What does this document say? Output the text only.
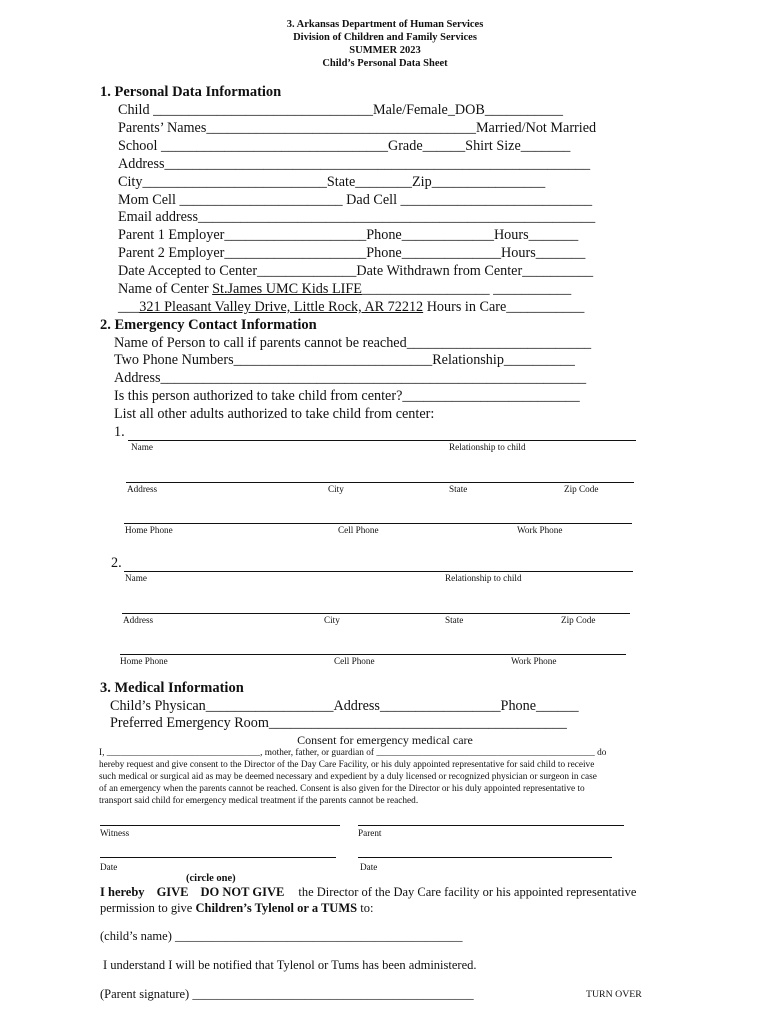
3. Arkansas Department of Human Services
Division of Children and Family Services
SUMMER 2023
Child’s Personal Data Sheet
1. Personal Data Information
Child _______________________________Male/Female_DOB___________
Parents’ Names______________________________________Married/Not Married
School ________________________________Grade______Shirt Size_______
Address____________________________________________________________
City__________________________State________Zip________________
Mom Cell _______________________ Dad Cell ___________________________
Email address________________________________________________________
Parent 1 Employer____________________Phone_____________Hours_______
Parent 2 Employer____________________Phone______________Hours_______
Date Accepted to Center______________Date Withdrawn from Center__________
Name of Center St.James UMC Kids LIFE__________________ ___________
___321 Pleasant Valley Drive, Little Rock, AR 72212 Hours in Care___________
2. Emergency Contact Information
Name of Person to call if parents cannot be reached__________________________
Two Phone Numbers____________________________Relationship__________
Address____________________________________________________________
Is this person authorized to take child from center?_________________________
List all other adults authorized to take child from center:
1.
Name	Relationship to child
Address	City	State	Zip Code
Home Phone	Cell Phone	Work Phone
2.
Name	Relationship to child
Address	City	State	Zip Code
Home Phone	Cell Phone	Work Phone
3. Medical Information
Child’s Physican__________________Address_________________Phone______
Preferred Emergency Room__________________________________________
Consent for emergency medical care
I, _________________________________, mother, father, or guardian of _______________________________________________ do
hereby request and give consent to the Director of the Day Care Facility, or his duly appointed representative for said child to receive
such medical or surgical aid as may be deemed necessary and expedient by a duly licensed or recognized physician or surgeon in case
of an emergency when the parents cannot be reached. Consent is also given for the Director or his duly appointed representative to
transport said child for emergency medical treatment if the parents cannot be reached.
Witness	Parent
Date	Date
(circle one)
I hereby GIVE DO NOT GIVE the Director of the Day Care facility or his appointed representative
permission to give Children’s Tylenol or a TUMS to:
(child’s name) ______________________________________________
I understand I will be notified that Tylenol or Tums has been administered.
(Parent signature) _____________________________________________	TURN OVER
